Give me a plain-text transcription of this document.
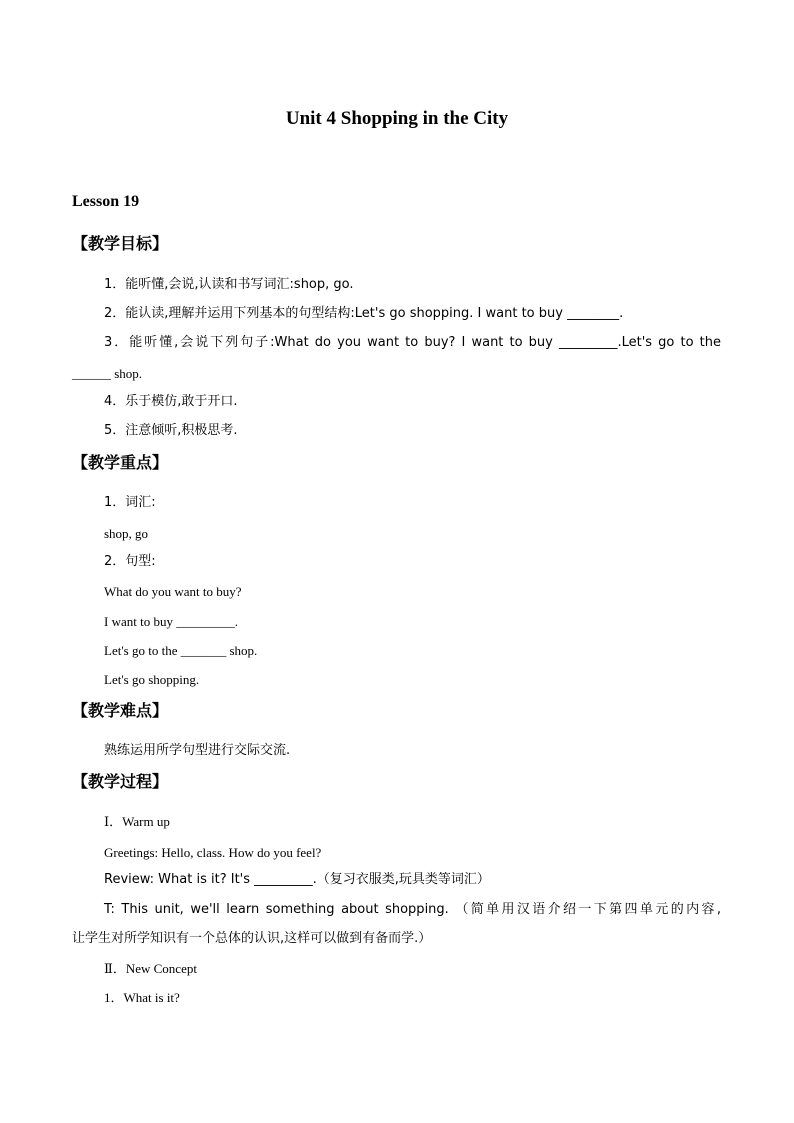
Unit 4 Shopping in the City
Lesson 19
【教学目标】
1．能听懂,会说,认读和书写词汇:shop, go.
2．能认读,理解并运用下列基本的句型结构:Let's go shopping. I want to buy ________.
3．能听懂,会说下列句子:What do you want to buy? I want to buy _________.Let's go to the
______ shop.
4．乐于模仿,敢于开口.
5．注意倾听,积极思考.
【教学重点】
1．词汇:
shop, go
2．句型:
What do you want to buy?
I want to buy _________.
Let's go to the _______ shop.
Let's go shopping.
【教学难点】
熟练运用所学句型进行交际交流.
【教学过程】
Ⅰ．Warm up
Greetings: Hello, class. How do you feel?
Review: What is it? It's _________.（复习衣服类,玩具类等词汇）
T: This unit, we'll learn something about shopping. （简单用汉语介绍一下第四单元的内容,
让学生对所学知识有一个总体的认识,这样可以做到有备而学.）
Ⅱ．New Concept
1．What is it?
